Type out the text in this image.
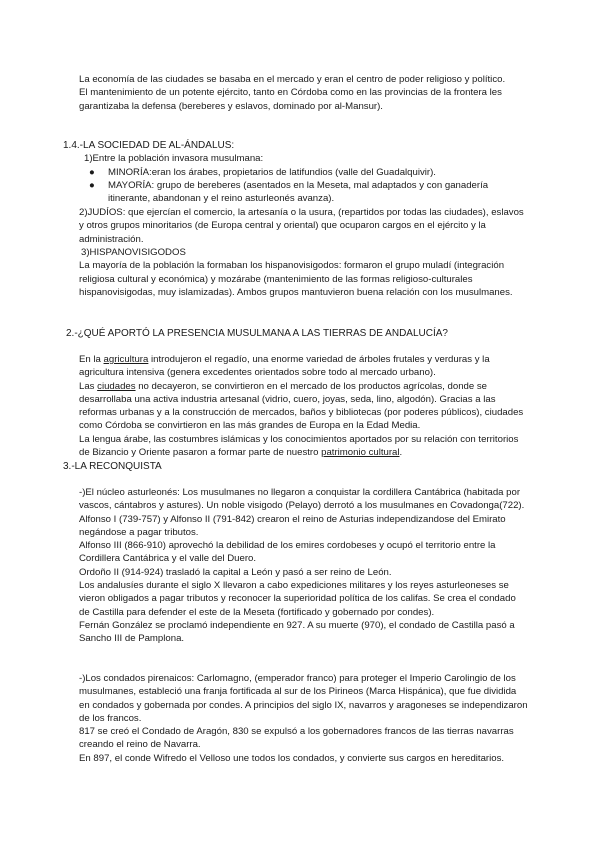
La economía de las ciudades se basaba en el mercado y eran el centro de poder religioso y político.

El mantenimiento de un potente ejército, tanto en Córdoba como en las provincias de la frontera les garantizaba la defensa (bereberes y eslavos, dominado por al-Mansur).

1.4.-LA SOCIEDAD DE AL-ÁNDALUS:

1)Entre la población invasora musulmana:

● MINORÍA:eran los árabes, propietarios de latifundios (valle del Guadalquivir).
● MAYORÍA: grupo de bereberes (asentados en la Meseta, mal adaptados y con ganadería itinerante, abandonan y el reino asturleonés avanza).

2)JUDÍOS: que ejercían el comercio, la artesanía o la usura, (repartidos por todas las ciudades), eslavos y otros grupos minoritarios (de Europa central y oriental) que ocuparon cargos en el ejército y la administración.

3)HISPANOVISIGODOS

La mayoría de la población la formaban los hispanovisigodos: formaron el grupo muladí (integración religiosa cultural y económica) y mozárabe (mantenimiento de las formas religioso-culturales hispanovisigodas, muy islamizadas). Ambos grupos mantuvieron buena relación con los musulmanes.

2.-¿QUÉ APORTÓ LA PRESENCIA MUSULMANA A LAS TIERRAS DE ANDALUCÍA?

En la agricultura introdujeron el regadío, una enorme variedad de árboles frutales y verduras y la agricultura intensiva (genera excedentes orientados sobre todo al mercado urbano).

Las ciudades no decayeron, se convirtieron en el mercado de los productos agrícolas, donde se desarrollaba una activa industria artesanal (vidrio, cuero, joyas, seda, lino, algodón). Gracias a las reformas urbanas y a la construcción de mercados, baños y bibliotecas (por poderes públicos), ciudades como Córdoba se convirtieron en las más grandes de Europa en la Edad Media.

La lengua árabe, las costumbres islámicas y los conocimientos aportados por su relación con territorios de Bizancio y Oriente pasaron a formar parte de nuestro patrimonio cultural.

3.-LA RECONQUISTA

-)El núcleo asturleonés: Los musulmanes no llegaron a conquistar la cordillera Cantábrica (habitada por vascos, cántabros y astures). Un noble visigodo (Pelayo) derrotó a los musulmanes en Covadonga(722). Alfonso I (739-757) y Alfonso II (791-842) crearon el reino de Asturias independizandose del Emirato negándose a pagar tributos.

Alfonso III (866-910) aprovechó la debilidad de los emires cordobeses y ocupó el territorio entre la Cordillera Cantábrica y el valle del Duero.

Ordoño II (914-924) trasladó la capital a León y pasó a ser reino de León.

Los andalusíes durante el siglo X llevaron a cabo expediciones militares y los reyes asturleoneses se vieron obligados a pagar tributos y reconocer la superioridad política de los califas. Se crea el condado de Castilla para defender el este de la Meseta (fortificado y gobernado por condes).

Fernán González se proclamó independiente en 927. A su muerte (970), el condado de Castilla pasó a Sancho III de Pamplona.

-)Los condados pirenaicos: Carlomagno, (emperador franco) para proteger el Imperio Carolingio de los musulmanes, estableció una franja fortificada al sur de los Pirineos (Marca Hispánica), que fue dividida en condados y gobernada por condes. A principios del siglo IX, navarros y aragoneses se independizaron de los francos.

817 se creó el Condado de Aragón, 830 se expulsó a los gobernadores francos de las tierras navarras creando el reino de Navarra.

En 897, el conde Wifredo el Velloso une todos los condados, y convierte sus cargos en hereditarios.
